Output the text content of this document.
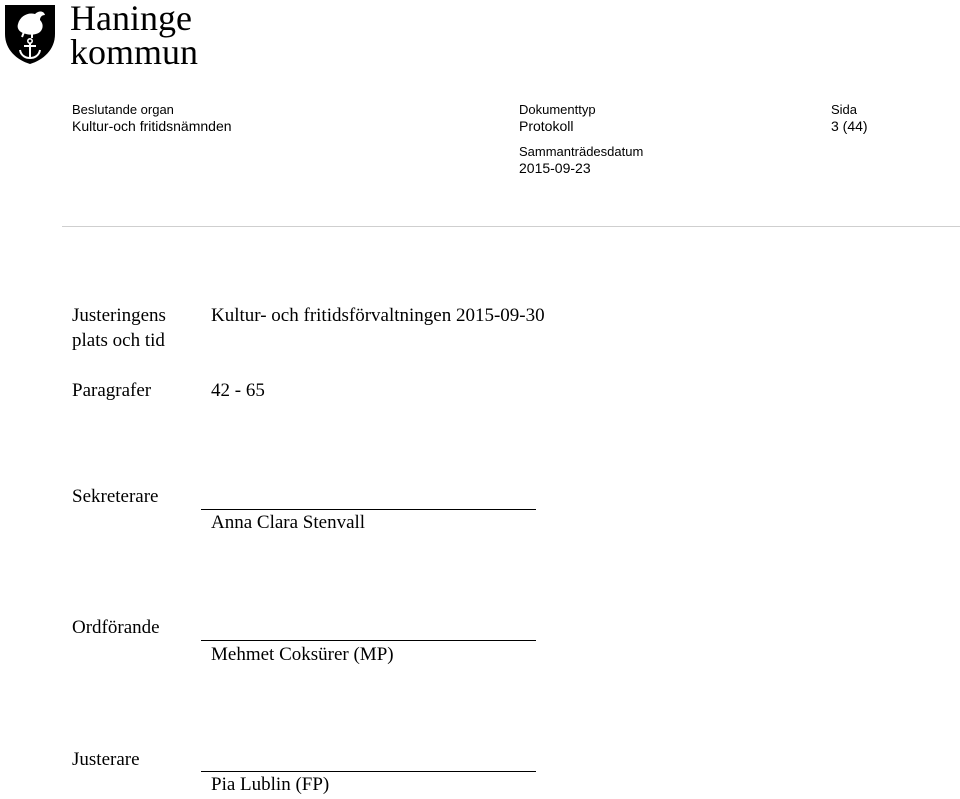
Haninge
kommun
Beslutande organ
Kultur-och fritidsnämnden
Dokumenttyp
Protokoll
Sida
3 (44)
Sammanträdesdatum
2015-09-23
Justeringens
plats och tid
Kultur- och fritidsförvaltningen 2015-09-30
Paragrafer	42 - 65
Sekreterare
Anna Clara Stenvall
Ordförande
Mehmet Coksürer (MP)
Justerare
Pia Lublin (FP)
